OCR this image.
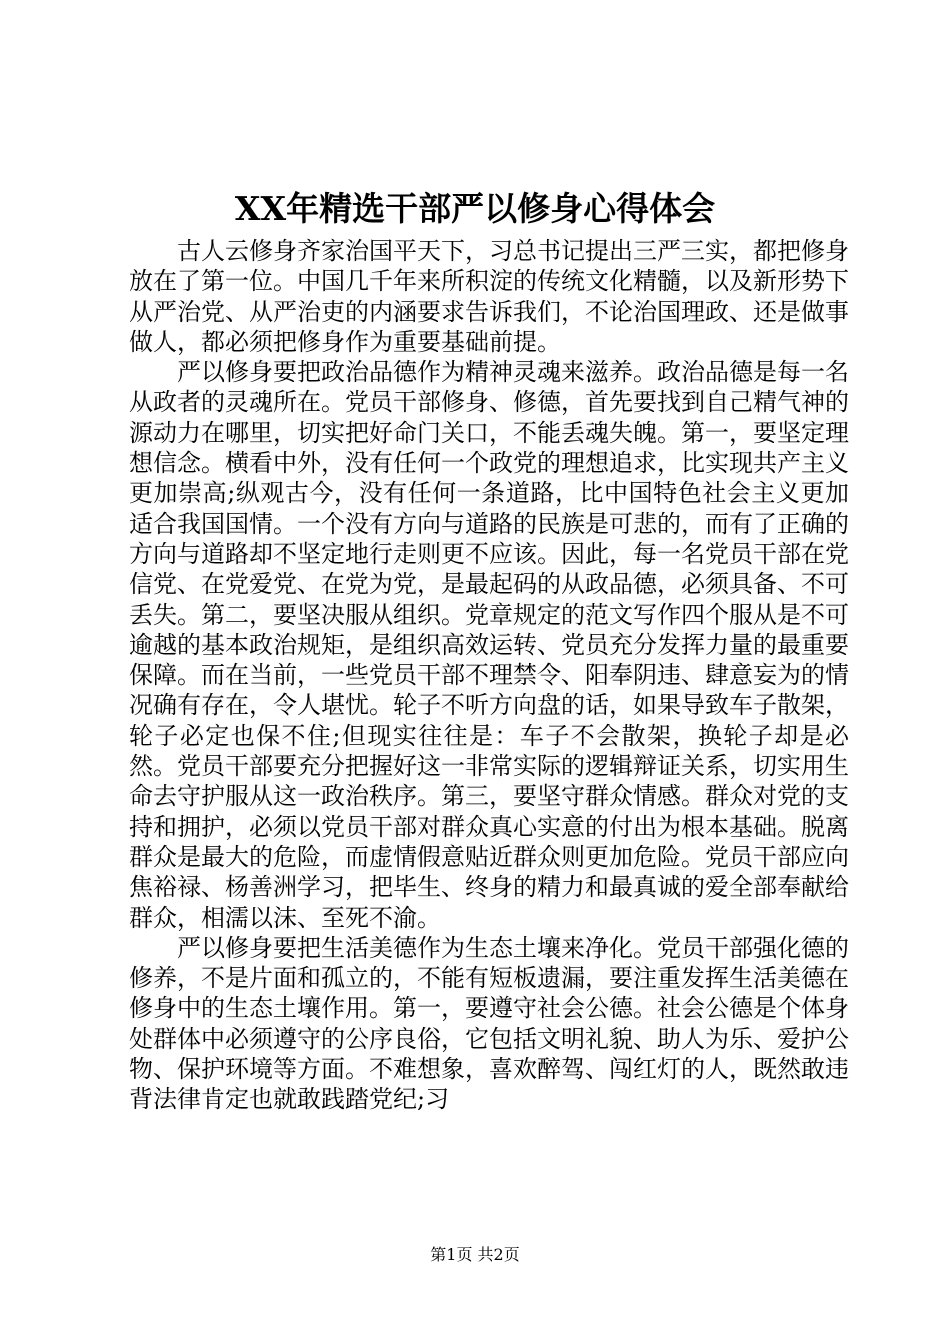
XX年精选干部严以修身心得体会

古人云修身齐家治国平天下，习总书记提出三严三实，都把修身放在了第一位。中国几千年来所积淀的传统文化精髓，以及新形势下从严治党、从严治吏的内涵要求告诉我们，不论治国理政、还是做事做人，都必须把修身作为重要基础前提。

严以修身要把政治品德作为精神灵魂来滋养。政治品德是每一名从政者的灵魂所在。党员干部修身、修德，首先要找到自己精气神的源动力在哪里，切实把好命门关口，不能丢魂失魄。第一，要坚定理想信念。横看中外，没有任何一个政党的理想追求，比实现共产主义更加崇高;纵观古今，没有任何一条道路，比中国特色社会主义更加适合我国国情。一个没有方向与道路的民族是可悲的，而有了正确的方向与道路却不坚定地行走则更不应该。因此，每一名党员干部在党信党、在党爱党、在党为党，是最起码的从政品德，必须具备、不可丢失。第二，要坚决服从组织。党章规定的范文写作四个服从是不可逾越的基本政治规矩，是组织高效运转、党员充分发挥力量的最重要保障。而在当前，一些党员干部不理禁令、阳奉阴违、肆意妄为的情况确有存在，令人堪忧。轮子不听方向盘的话，如果导致车子散架，轮子必定也保不住;但现实往往是：车子不会散架，换轮子却是必然。党员干部要充分把握好这一非常实际的逻辑辩证关系，切实用生命去守护服从这一政治秩序。第三，要坚守群众情感。群众对党的支持和拥护，必须以党员干部对群众真心实意的付出为根本基础。脱离群众是最大的危险，而虚情假意贴近群众则更加危险。党员干部应向焦裕禄、杨善洲学习，把毕生、终身的精力和最真诚的爱全部奉献给群众，相濡以沫、至死不渝。

严以修身要把生活美德作为生态土壤来净化。党员干部强化德的修养，不是片面和孤立的，不能有短板遗漏，要注重发挥生活美德在修身中的生态土壤作用。第一，要遵守社会公德。社会公德是个体身处群体中必须遵守的公序良俗，它包括文明礼貌、助人为乐、爱护公物、保护环境等方面。不难想象，喜欢醉驾、闯红灯的人，既然敢违背法律肯定也就敢践踏党纪;习

第1页 共2页
